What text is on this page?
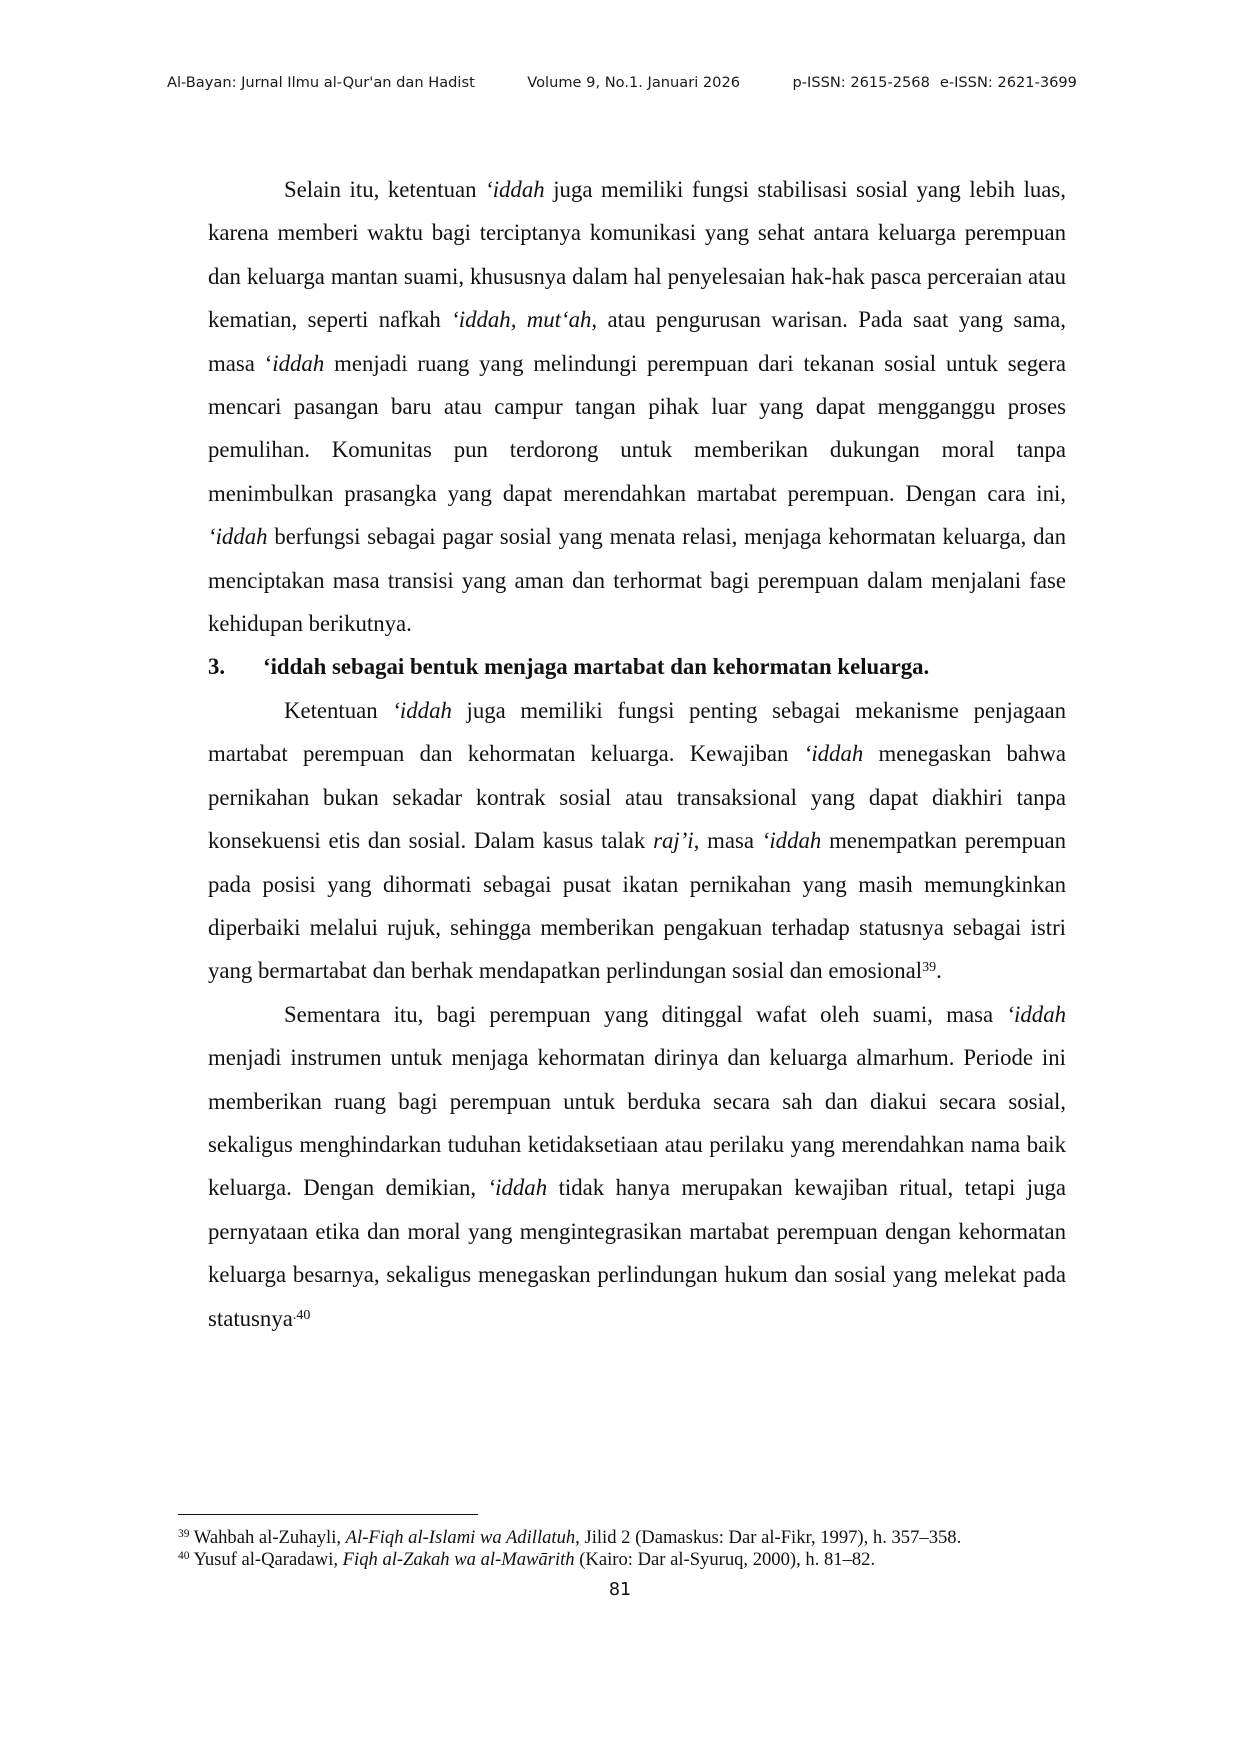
Al-Bayan: Jurnal Ilmu al-Qur'an dan Hadist	Volume 9, No.1. Januari 2026	p-ISSN: 2615-2568 e-ISSN: 2621-3699

Selain itu, ketentuan ‘iddah juga memiliki fungsi stabilisasi sosial yang lebih luas, karena memberi waktu bagi terciptanya komunikasi yang sehat antara keluarga perempuan dan keluarga mantan suami, khususnya dalam hal penyelesaian hak-hak pasca perceraian atau kematian, seperti nafkah ‘iddah, mut‘ah, atau pengurusan warisan. Pada saat yang sama, masa ‘iddah menjadi ruang yang melindungi perempuan dari tekanan sosial untuk segera mencari pasangan baru atau campur tangan pihak luar yang dapat mengganggu proses pemulihan. Komunitas pun terdorong untuk memberikan dukungan moral tanpa menimbulkan prasangka yang dapat merendahkan martabat perempuan. Dengan cara ini, ‘iddah berfungsi sebagai pagar sosial yang menata relasi, menjaga kehormatan keluarga, dan menciptakan masa transisi yang aman dan terhormat bagi perempuan dalam menjalani fase kehidupan berikutnya.

3.	‘iddah sebagai bentuk menjaga martabat dan kehormatan keluarga.

Ketentuan ‘iddah juga memiliki fungsi penting sebagai mekanisme penjagaan martabat perempuan dan kehormatan keluarga. Kewajiban ‘iddah menegaskan bahwa pernikahan bukan sekadar kontrak sosial atau transaksional yang dapat diakhiri tanpa konsekuensi etis dan sosial. Dalam kasus talak raj’i, masa ‘iddah menempatkan perempuan pada posisi yang dihormati sebagai pusat ikatan pernikahan yang masih memungkinkan diperbaiki melalui rujuk, sehingga memberikan pengakuan terhadap statusnya sebagai istri yang bermartabat dan berhak mendapatkan perlindungan sosial dan emosional$^{39}$.

Sementara itu, bagi perempuan yang ditinggal wafat oleh suami, masa ‘iddah menjadi instrumen untuk menjaga kehormatan dirinya dan keluarga almarhum. Periode ini memberikan ruang bagi perempuan untuk berduka secara sah dan diakui secara sosial, sekaligus menghindarkan tuduhan ketidaksetiaan atau perilaku yang merendahkan nama baik keluarga. Dengan demikian, ‘iddah tidak hanya merupakan kewajiban ritual, tetapi juga pernyataan etika dan moral yang mengintegrasikan martabat perempuan dengan kehormatan keluarga besarnya, sekaligus menegaskan perlindungan hukum dan sosial yang melekat pada statusnya$^{.40}$

$^{39}$ Wahbah al-Zuhayli, Al-Fiqh al-Islami wa Adillatuh, Jilid 2 (Damaskus: Dar al-Fikr, 1997), h. 357–358.
$^{40}$ Yusuf al-Qaradawi, Fiqh al-Zakah wa al-Mawārith (Kairo: Dar al-Syuruq, 2000), h. 81–82.
81
